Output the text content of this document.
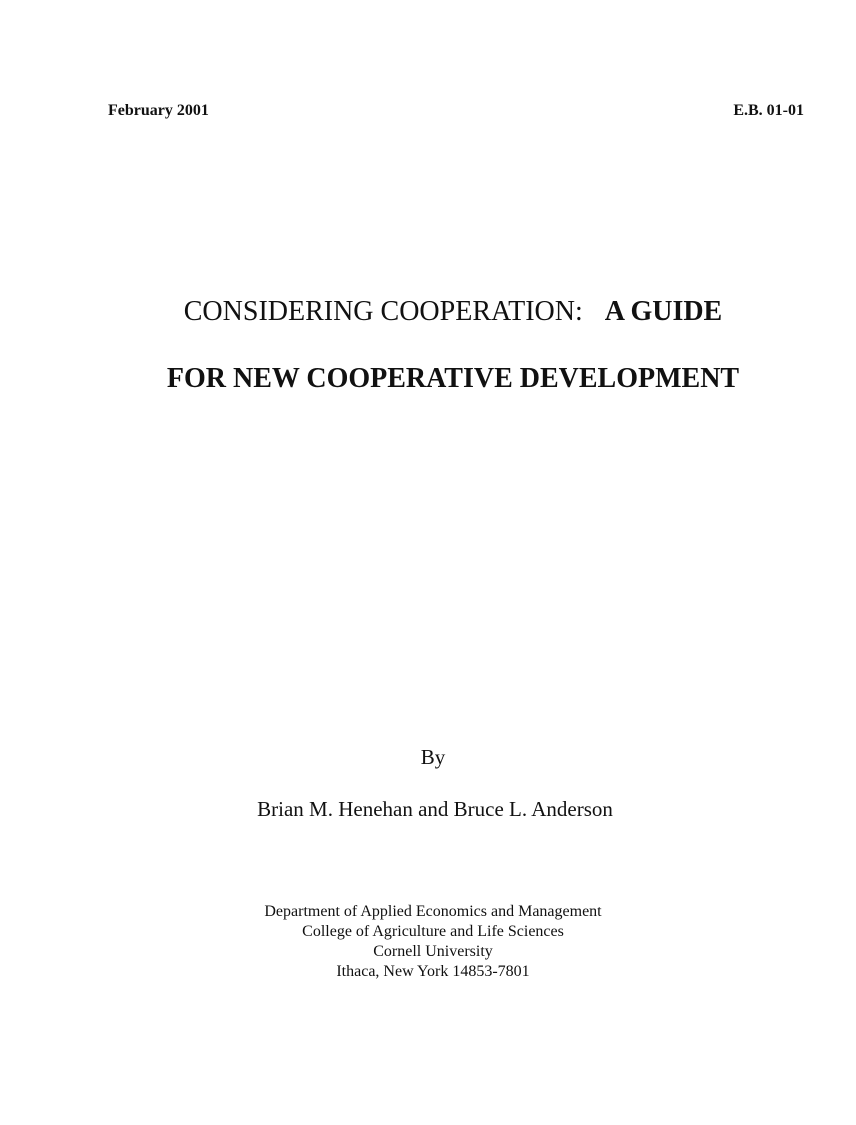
February 2001	E.B. 01-01
CONSIDERING COOPERATION: A GUIDE
FOR NEW COOPERATIVE DEVELOPMENT
By
Brian M. Henehan and Bruce L. Anderson
Department of Applied Economics and Management
College of Agriculture and Life Sciences
Cornell University
Ithaca, New York 14853-7801
